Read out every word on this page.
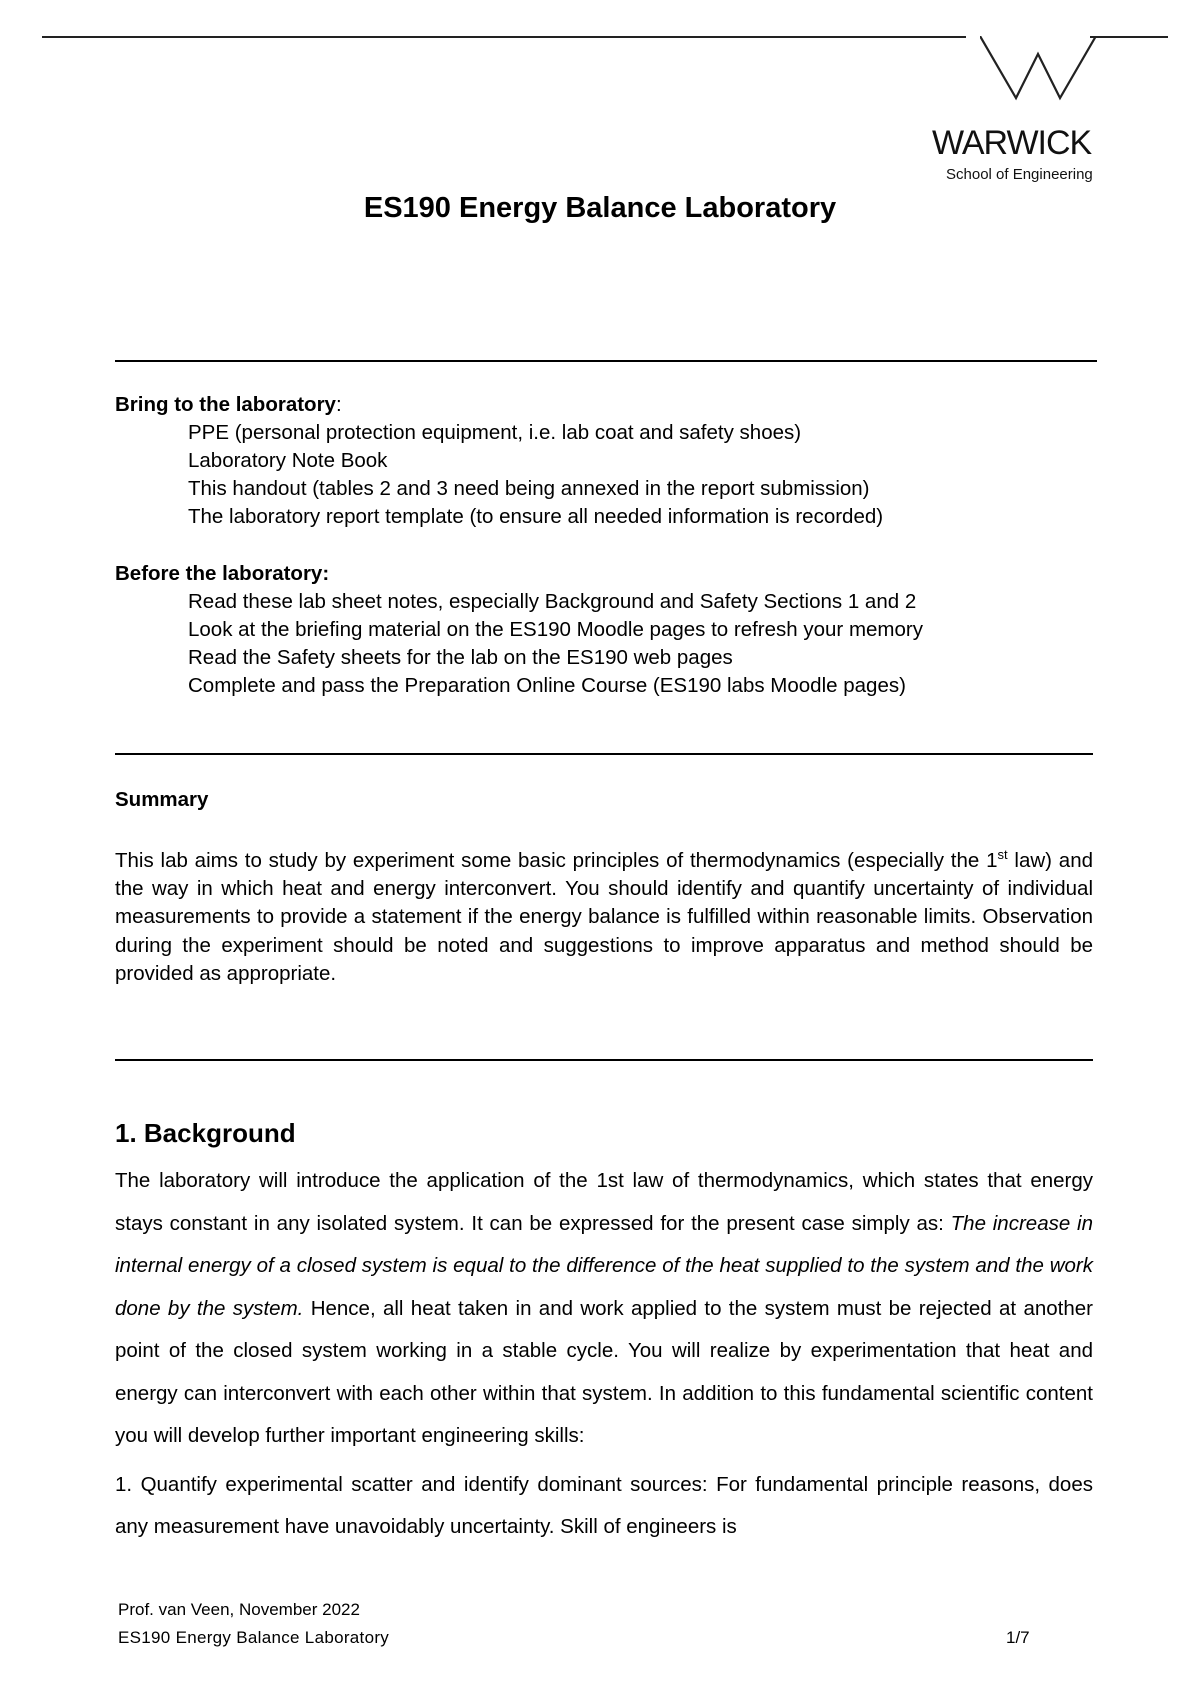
WARWICK
School of Engineering
ES190 Energy Balance Laboratory
Bring to the laboratory:
PPE (personal protection equipment, i.e. lab coat and safety shoes)
Laboratory Note Book
This handout (tables 2 and 3 need being annexed in the report submission)
The laboratory report template (to ensure all needed information is recorded)
Before the laboratory:
Read these lab sheet notes, especially Background and Safety Sections 1 and 2
Look at the briefing material on the ES190 Moodle pages to refresh your memory
Read the Safety sheets for the lab on the ES190 web pages
Complete and pass the Preparation Online Course (ES190 labs Moodle pages)
Summary
This lab aims to study by experiment some basic principles of thermodynamics (especially the 1st law) and the way in which heat and energy interconvert. You should identify and quantify uncertainty of individual measurements to provide a statement if the energy balance is fulfilled within reasonable limits. Observation during the experiment should be noted and suggestions to improve apparatus and method should be provided as appropriate.
1. Background

The laboratory will introduce the application of the 1st law of thermodynamics, which states that energy stays constant in any isolated system. It can be expressed for the present case simply as: The increase in internal energy of a closed system is equal to the difference of the heat supplied to the system and the work done by the system. Hence, all heat taken in and work applied to the system must be rejected at another point of the closed system working in a stable cycle. You will realize by experimentation that heat and energy can interconvert with each other within that system. In addition to this fundamental scientific content you will develop further important engineering skills:

1. Quantify experimental scatter and identify dominant sources: For fundamental principle reasons, does any measurement have unavoidably uncertainty. Skill of engineers is

Prof. van Veen, November 2022
ES190 Energy Balance Laboratory	1/7
